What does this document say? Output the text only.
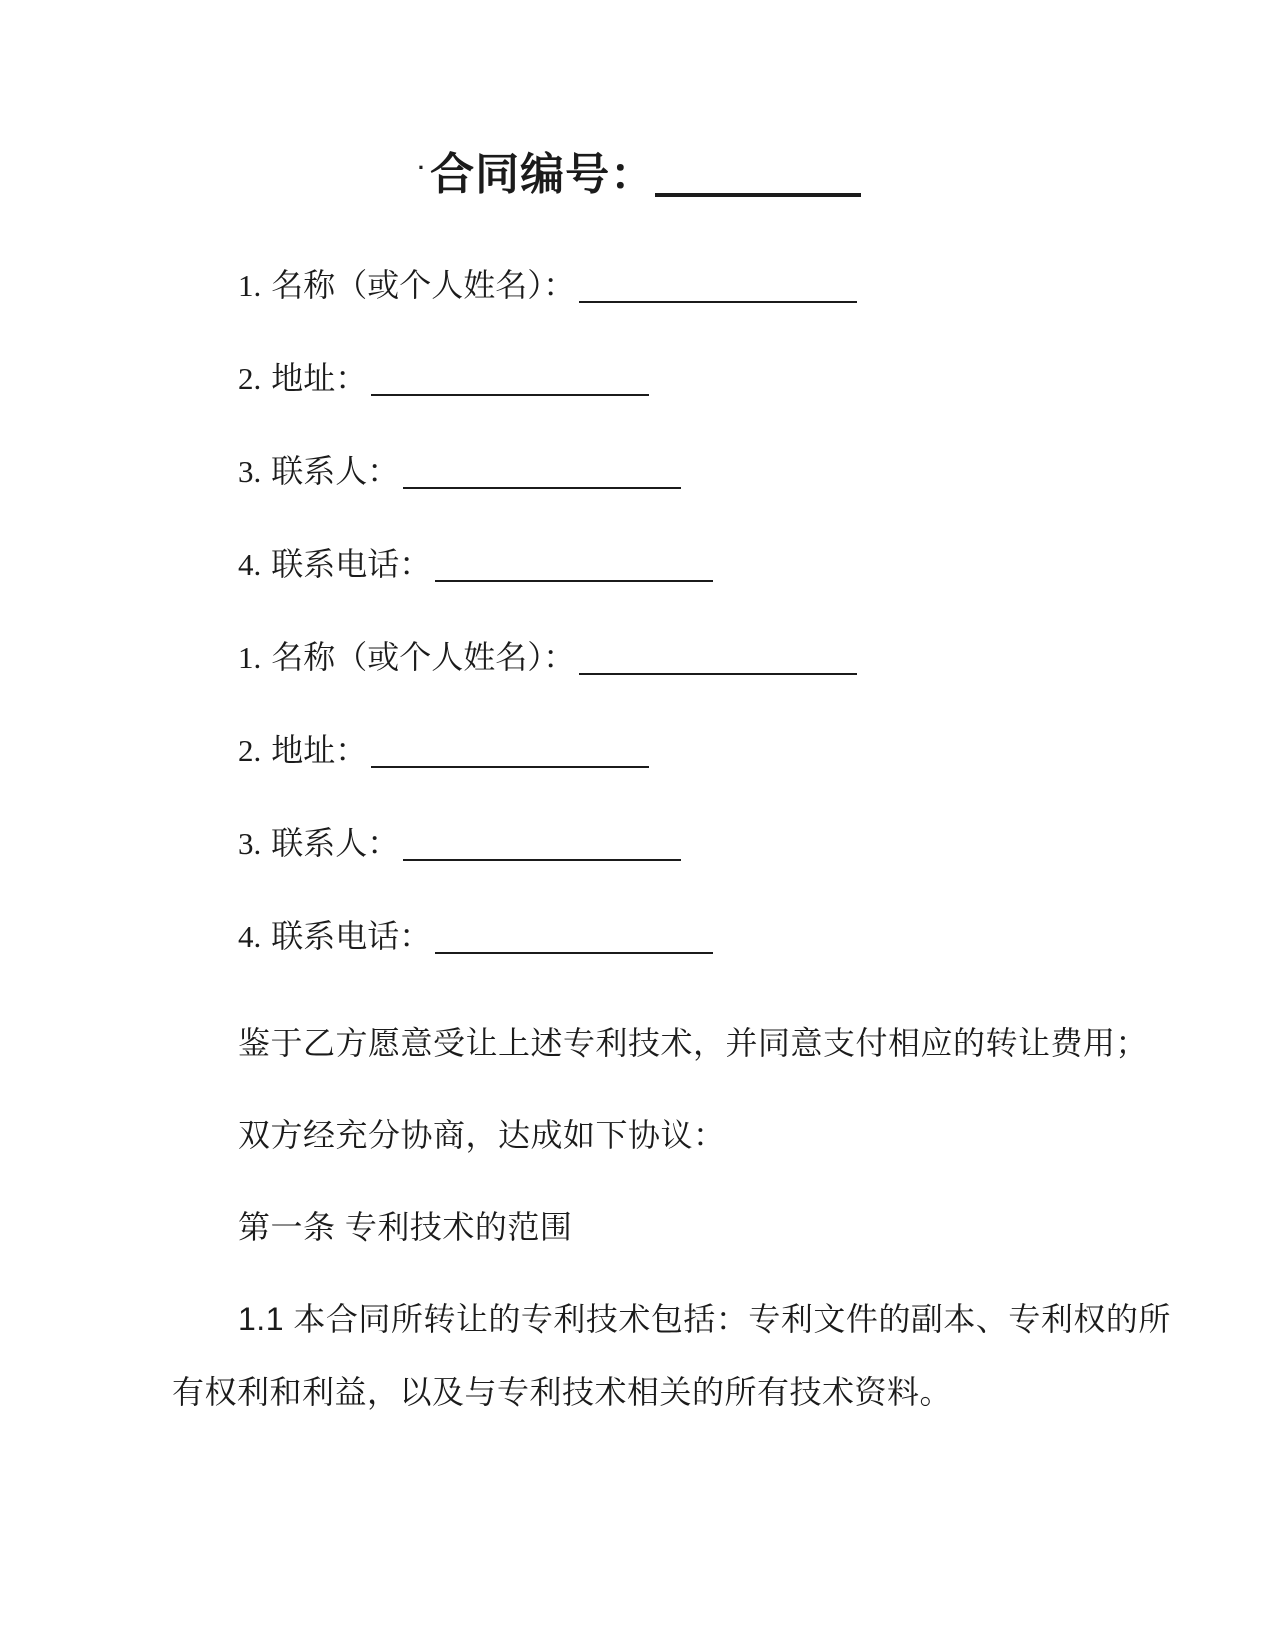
·合同编号：
1. 名称（或个人姓名）：
2. 地址：
3. 联系人：
4. 联系电话：
1. 名称（或个人姓名）：
2. 地址：
3. 联系人：
4. 联系电话：

鉴于乙方愿意受让上述专利技术，并同意支付相应的转让费用；

双方经充分协商，达成如下协议：

第一条 专利技术的范围

1.1 本合同所转让的专利技术包括：专利文件的副本、专利权的所有权利和利益，以及与专利技术相关的所有技术资料。
